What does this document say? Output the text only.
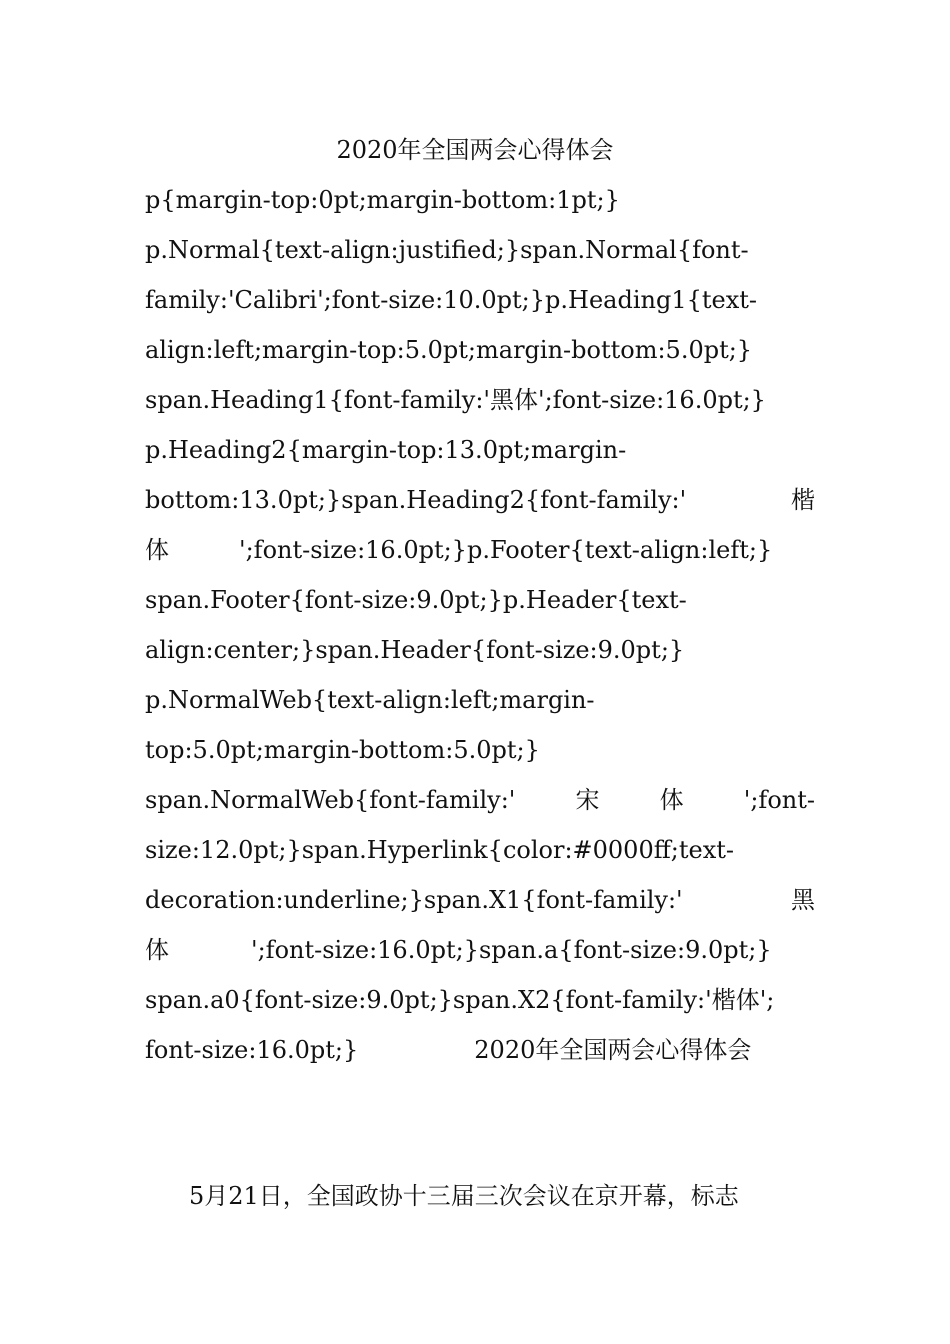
2020年全国两会心得体会
p{margin-top:0pt;margin-bottom:1pt;}
p.Normal{text-align:justified;}span.Normal{font-
family:'Calibri';font-size:10.0pt;}p.Heading1{text-
align:left;margin-top:5.0pt;margin-bottom:5.0pt;}
span.Heading1{font-family:'黑体';font-size:16.0pt;}
p.Heading2{margin-top:13.0pt;margin-
bottom:13.0pt;}span.Heading2{font-family:'	楷
体	';font-size:16.0pt;}p.Footer{text-align:left;}
span.Footer{font-size:9.0pt;}p.Header{text-
align:center;}span.Header{font-size:9.0pt;}
p.NormalWeb{text-align:left;margin-
top:5.0pt;margin-bottom:5.0pt;}
span.NormalWeb{font-family:'	宋	体	';font-
size:12.0pt;}span.Hyperlink{color:#0000ff;text-
decoration:underline;}span.X1{font-family:'	黑
体	';font-size:16.0pt;}span.a{font-size:9.0pt;}
span.a0{font-size:9.0pt;}span.X2{font-family:'楷体';
font-size:16.0pt;}	2020年全国两会心得体会
5月21日，全国政协十三届三次会议在京开幕，标志
